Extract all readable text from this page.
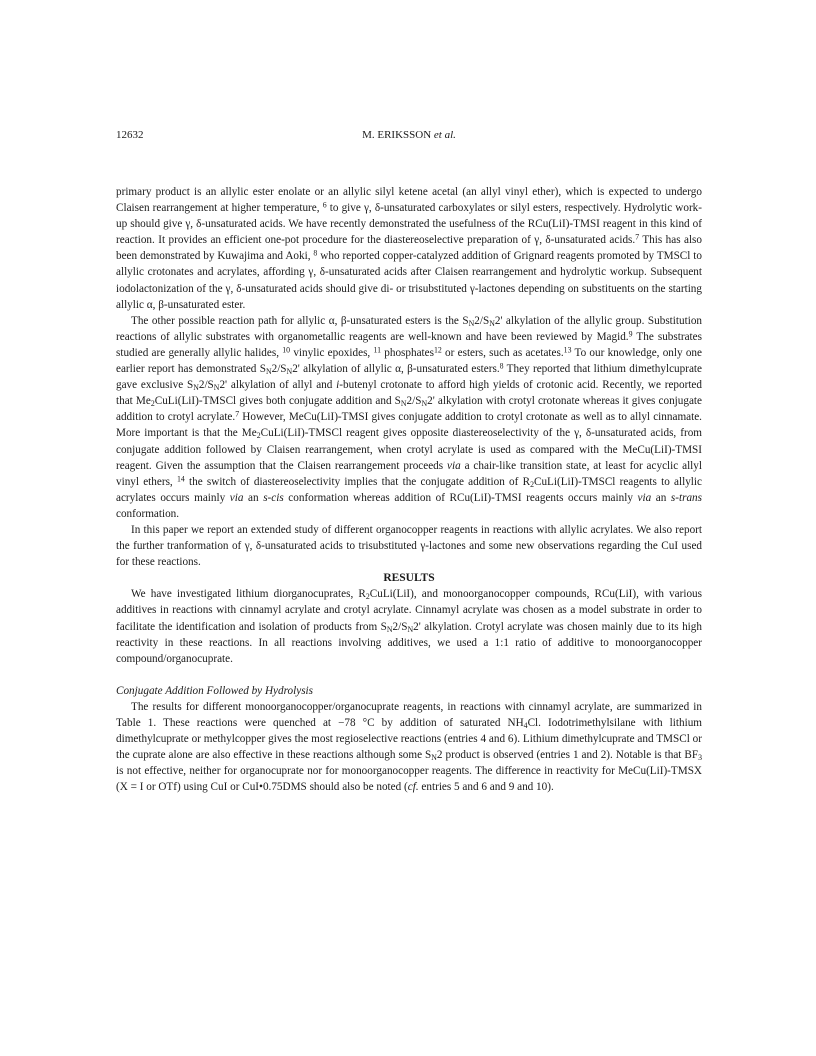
12632	M. ERIKSSON et al.

primary product is an allylic ester enolate or an allylic silyl ketene acetal (an allyl vinyl ether), which is expected to undergo Claisen rearrangement at higher temperature, $^6$ to give γ, δ-unsaturated carboxylates or silyl esters, respectively. Hydrolytic work-up should give γ, δ-unsaturated acids. We have recently demonstrated the usefulness of the RCu(LiI)-TMSI reagent in this kind of reaction. It provides an efficient one-pot procedure for the diastereoselective preparation of γ, δ-unsaturated acids.$^7$ This has also been demonstrated by Kuwajima and Aoki, $^8$ who reported copper-catalyzed addition of Grignard reagents promoted by TMSCl to allylic crotonates and acrylates, affording γ, δ-unsaturated acids after Claisen rearrangement and hydrolytic workup. Subsequent iodolactonization of the γ, δ-unsaturated acids should give di- or trisubstituted γ-lactones depending on substituents on the starting allylic α, β-unsaturated ester.

The other possible reaction path for allylic α, β-unsaturated esters is the $S_N2/S_N2'$ alkylation of the allylic group. Substitution reactions of allylic substrates with organometallic reagents are well-known and have been reviewed by Magid.$^9$ The substrates studied are generally allylic halides, $^{10}$ vinylic epoxides, $^{11}$ phosphates$^{12}$ or esters, such as acetates.$^{13}$ To our knowledge, only one earlier report has demonstrated $S_N2/S_N2'$ alkylation of allylic α, β-unsaturated esters.$^8$ They reported that lithium dimethylcuprate gave exclusive $S_N2/S_N2'$ alkylation of allyl and i-butenyl crotonate to afford high yields of crotonic acid. Recently, we reported that $Me_2CuLi(LiI)$-TMSCl gives both conjugate addition and $S_N2/S_N2'$ alkylation with crotyl crotonate whereas it gives conjugate addition to crotyl acrylate.$^7$ However, MeCu(LiI)-TMSI gives conjugate addition to crotyl crotonate as well as to allyl cinnamate. More important is that the $Me_2CuLi(LiI)$-TMSCl reagent gives opposite diastereoselectivity of the γ, δ-unsaturated acids, from conjugate addition followed by Claisen rearrangement, when crotyl acrylate is used as compared with the MeCu(LiI)-TMSI reagent. Given the assumption that the Claisen rearrangement proceeds via a chair-like transition state, at least for acyclic allyl vinyl ethers, $^{14}$ the switch of diastereoselectivity implies that the conjugate addition of $R_2CuLi(LiI)$-TMSCl reagents to allylic acrylates occurs mainly via an s-cis conformation whereas addition of RCu(LiI)-TMSI reagents occurs mainly via an s-trans conformation.

In this paper we report an extended study of different organocopper reagents in reactions with allylic acrylates. We also report the further tranformation of γ, δ-unsaturated acids to trisubstituted γ-lactones and some new observations regarding the CuI used for these reactions.

RESULTS

We have investigated lithium diorganocuprates, $R_2CuLi(LiI)$, and monoorganocopper compounds, RCu(LiI), with various additives in reactions with cinnamyl acrylate and crotyl acrylate. Cinnamyl acrylate was chosen as a model substrate in order to facilitate the identification and isolation of products from $S_N2/S_N2'$ alkylation. Crotyl acrylate was chosen mainly due to its high reactivity in these reactions. In all reactions involving additives, we used a 1:1 ratio of additive to monoorganocopper compound/organocuprate.

Conjugate Addition Followed by Hydrolysis

The results for different monoorganocopper/organocuprate reagents, in reactions with cinnamyl acrylate, are summarized in Table 1. These reactions were quenched at −78 °C by addition of saturated $NH_4Cl$. Iodotrimethylsilane with lithium dimethylcuprate or methylcopper gives the most regioselective reactions (entries 4 and 6). Lithium dimethylcuprate and TMSCl or the cuprate alone are also effective in these reactions although some $S_N2$ product is observed (entries 1 and 2). Notable is that $BF_3$ is not effective, neither for organocuprate nor for monoorganocopper reagents. The difference in reactivity for MeCu(LiI)-TMSX (X = I or OTf) using CuI or CuI•0.75DMS should also be noted (cf. entries 5 and 6 and 9 and 10).
